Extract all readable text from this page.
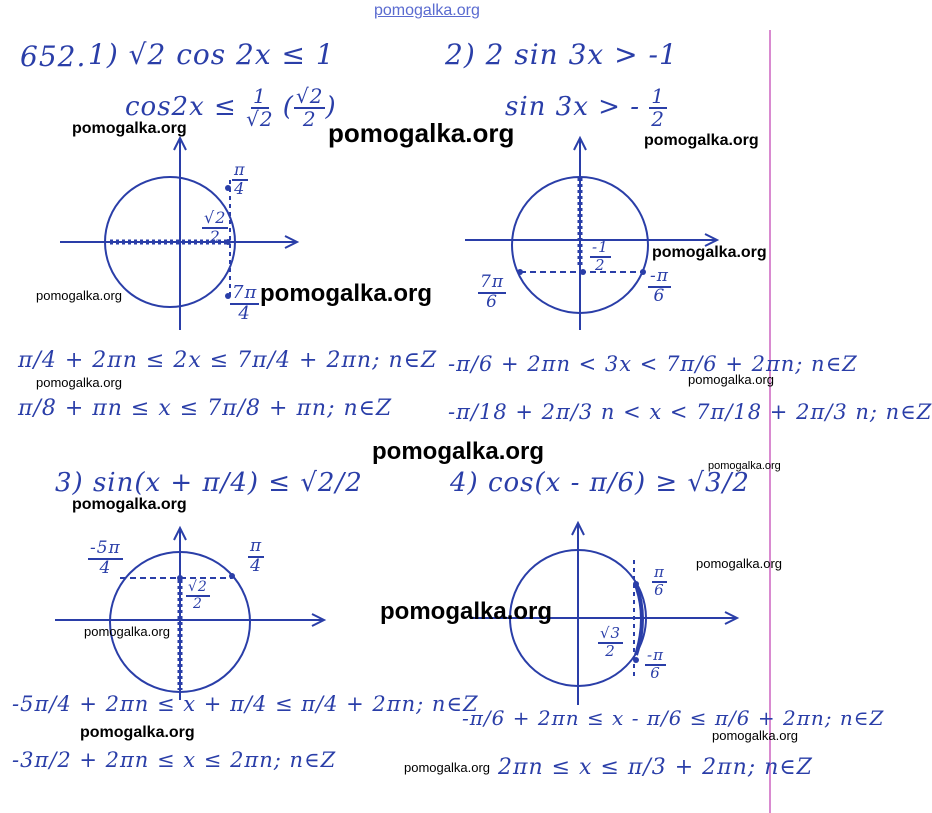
pomogalka.org
652. 1) √2 cos 2x ≤ 1
$\cos 2x \le \frac{1}{√2}$ ( $\frac{√2}{2}$ )
$\frac{\pi}{4}$
$\frac{√2}{2}$
$\frac{7\pi}{4}$
π/4 + 2πn ≤ 2x ≤ 7π/4 + 2πn; n∈Z
π/8 + πn ≤ x ≤ 7π/8 + πn; n∈Z
2) 2 sin 3x > -1
sin 3x > - $\frac{1}{2}$
$\frac{-1}{2}$
$\frac{7\pi}{6}$	$\frac{-\pi}{6}$
-π/6 + 2πn < 3x < 7π/6 + 2πn; n∈Z
-π/18 + 2π/3 n < x < 7π/18 + 2π/3 n; n∈Z
3) sin(x + π/4) ≤ √2/2
$\frac{-5\pi}{4}$	$\frac{\pi}{4}$
$\frac{√2}{2}$
-5π/4 + 2πn ≤ x + π/4 ≤ π/4 + 2πn; n∈Z
-3π/2 + 2πn ≤ x ≤ 2πn; n∈Z
4) cos(x - π/6) ≥ √3/2
$\frac{\pi}{6}$
$\frac{√3}{2}$
$\frac{-\pi}{6}$
-π/6 + 2πn ≤ x - π/6 ≤ π/6 + 2πn; n∈Z
2πn ≤ x ≤ π/3 + 2πn; n∈Z
pomogalka.org	pomogalka.org	pomogalka.org
pomogalka.org
pomogalka.org	pomogalka.org
pomogalka.org	pomogalka.org
pomogalka.org
pomogalka.org
pomogalka.org
pomogalka.org
pomogalka.org
pomogalka.org
pomogalka.org	pomogalka.org
pomogalka.org
